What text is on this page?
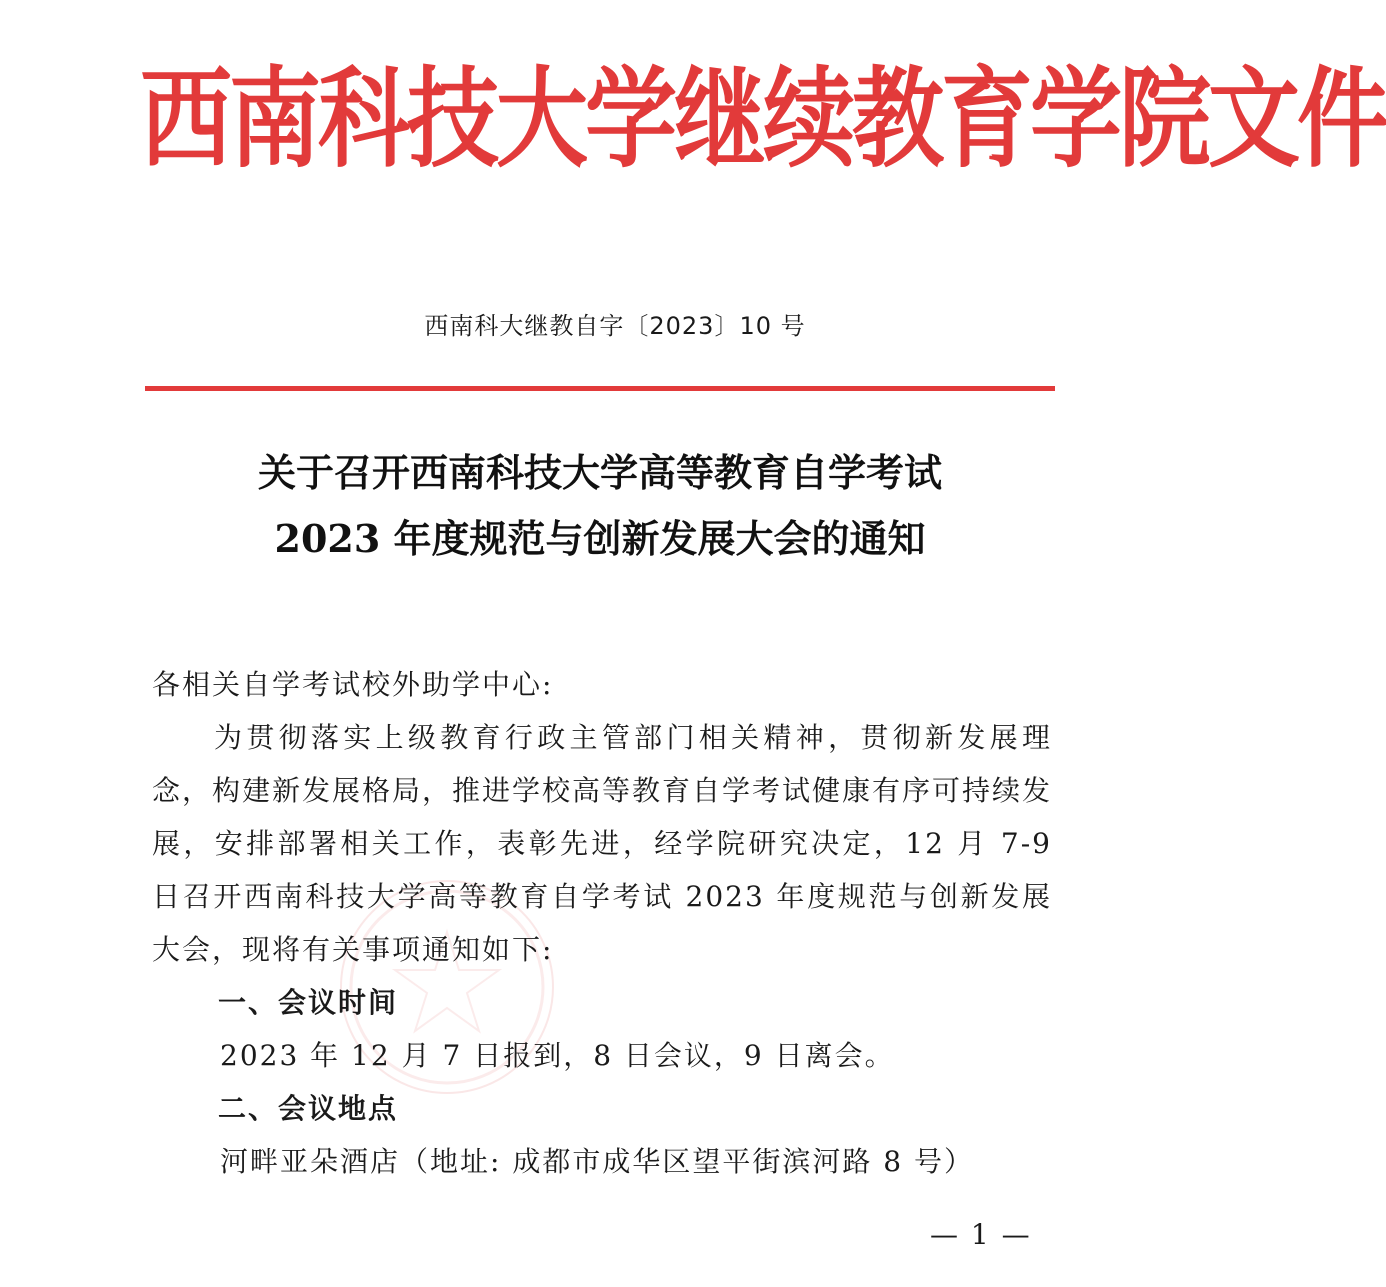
西南科技大学继续教育学院文件
西南科大继教自字〔2023〕10 号
关于召开西南科技大学高等教育自学考试
2023 年度规范与创新发展大会的通知

各相关自学考试校外助学中心:

为贯彻落实上级教育行政主管部门相关精神，贯彻新发展理念，构建新发展格局，推进学校高等教育自学考试健康有序可持续发展，安排部署相关工作，表彰先进，经学院研究决定，12 月 7-9 日召开西南科技大学高等教育自学考试 2023 年度规范与创新发展大会，现将有关事项通知如下:

一、会议时间

2023 年 12 月 7 日报到，8 日会议，9 日离会。

二、会议地点

河畔亚朵酒店（地址: 成都市成华区望平街滨河路 8 号）

— 1 —
